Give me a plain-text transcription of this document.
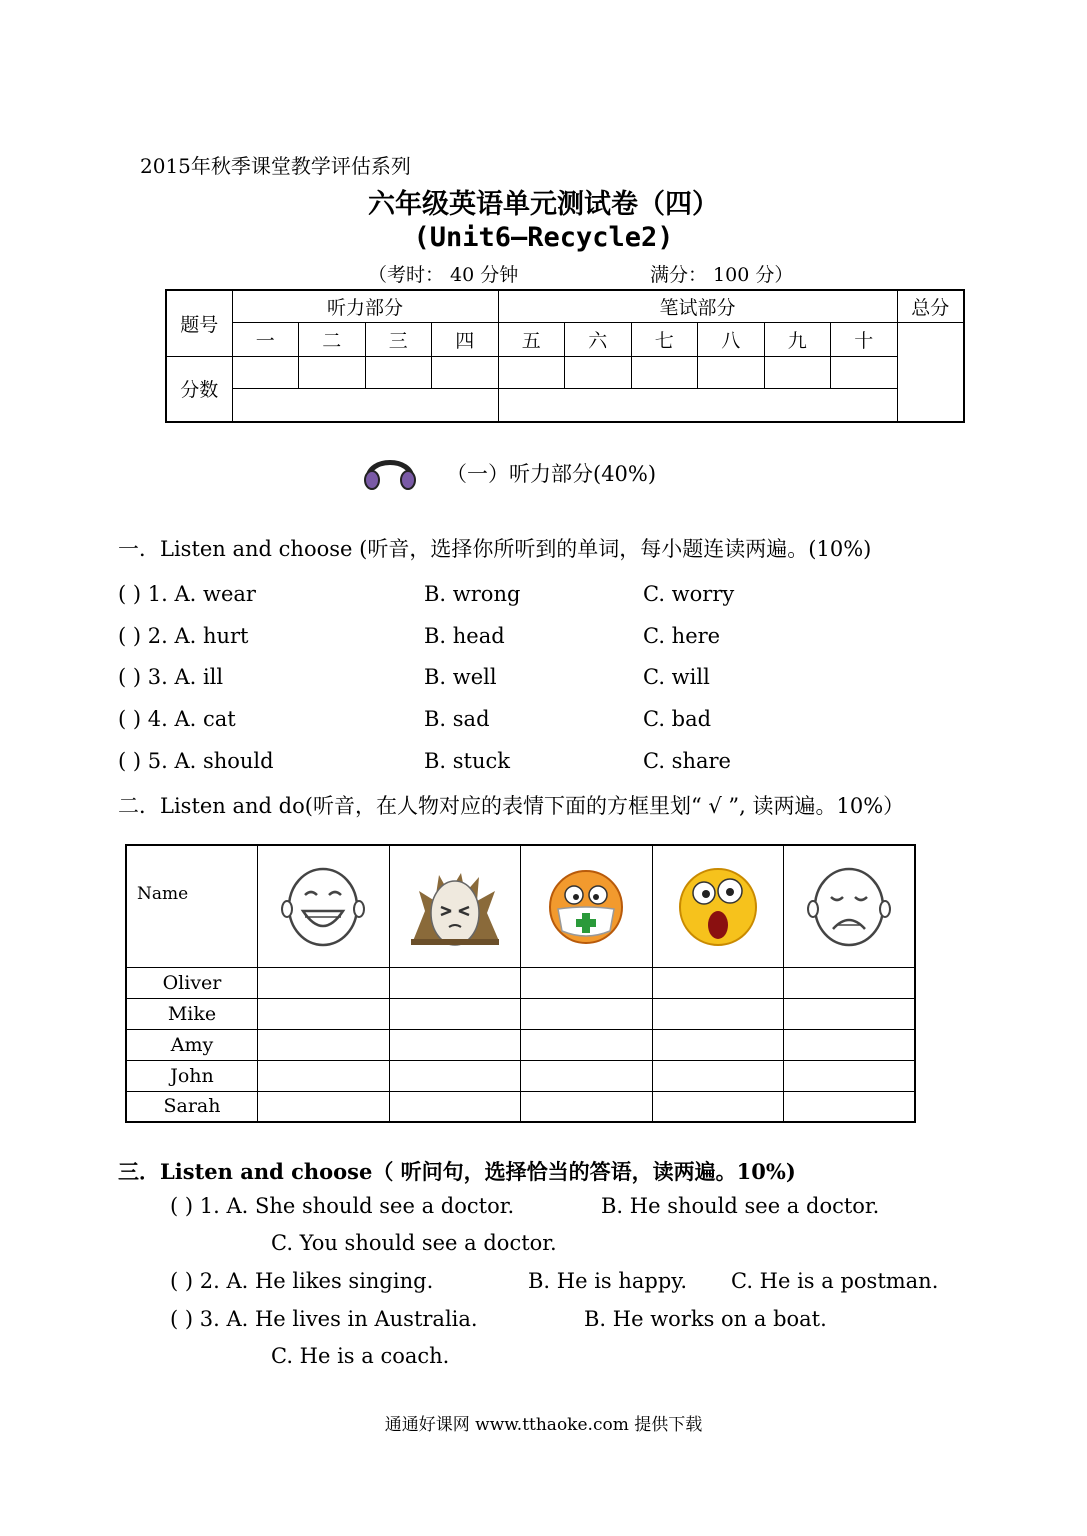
2015年秋季课堂教学评估系列
六年级英语单元测试卷（四）
(Unit6—Recycle2)
（考时： 40 分钟	满分： 100 分）
题号	听力部分				笔试部分						总分
	一	二	三	四	五	六	七	八	九	十	
分数											

（一）听力部分(40%)
一．Listen and choose (听音，选择你所听到的单词，每小题连读两遍。(10%)
( ) 1. A. wear	B. wrong	C. worry
( ) 2. A. hurt	B. head	C. here
( ) 3. A. ill	B. well	C. will
( ) 4. A. cat	B. sad	C. bad
( ) 5. A. should	B. stuck	C. share
二．Listen and do(听音，在人物对应的表情下面的方框里划“ √ ”, 读两遍。10%）
Name	

Oliver					
Mike					
Amy					
John					
Sarah					
三．Listen and choose（ 听问句，选择恰当的答语，读两遍。10%)
( ) 1. A. She should see a doctor.	B. He should see a doctor.
C. You should see a doctor.
( ) 2. A. He likes singing.	B. He is happy. C. He is a postman.
( ) 3. A. He lives in Australia.	B. He works on a boat.
C. He is a coach.
通通好课网 www.tthaoke.com 提供下载
